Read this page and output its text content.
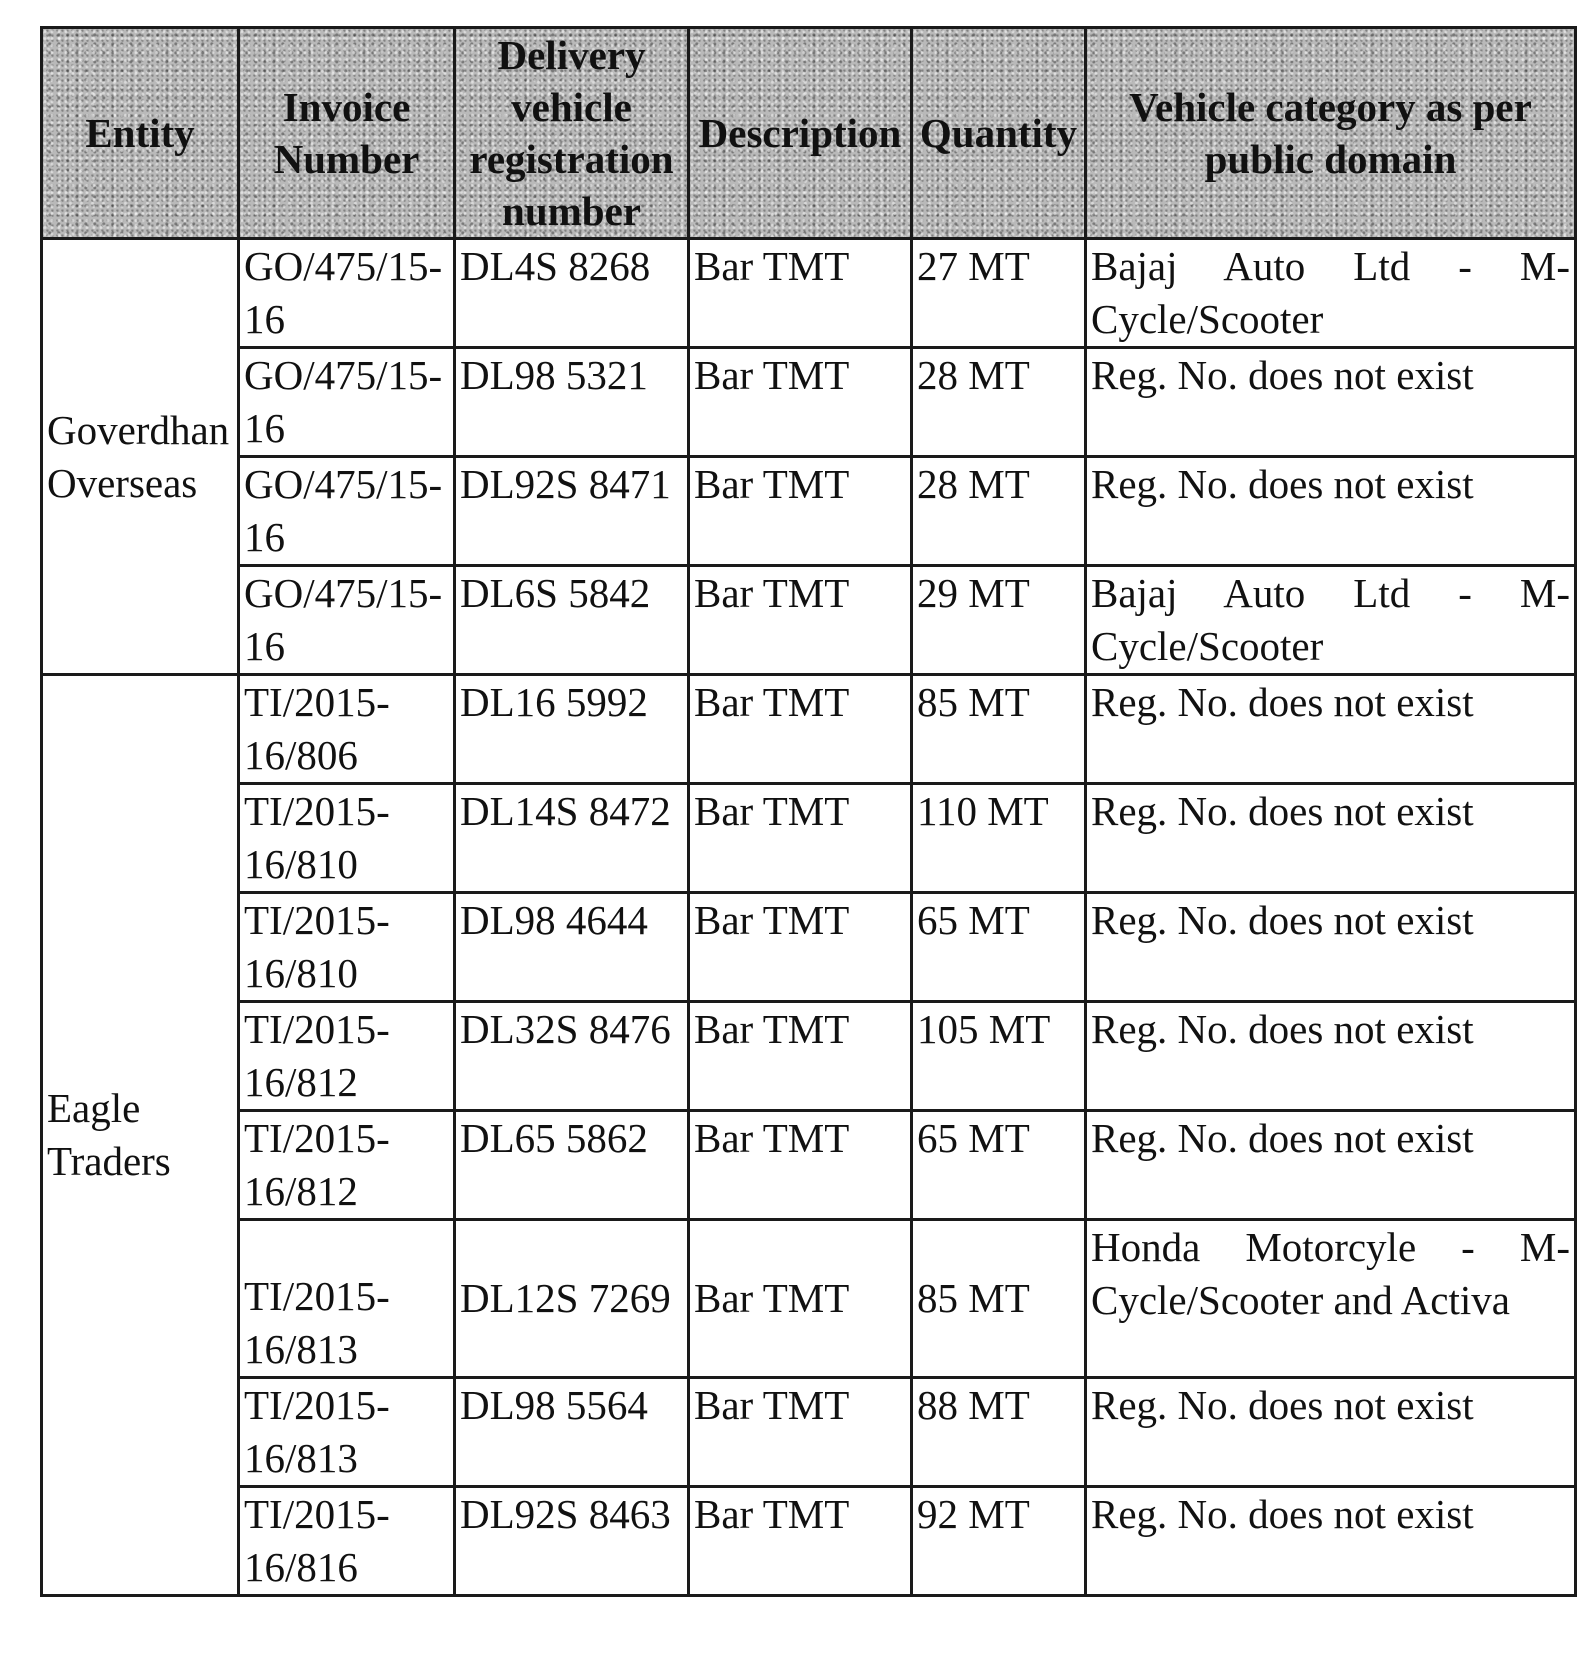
Entity	Invoice Number	Delivery vehicle registration number	Description	Quantity	Vehicle category as per public domain
Goverdhan Overseas	GO/475/15-16	DL4S 8268	Bar TMT	27 MT	Bajaj Auto Ltd - M-Cycle/Scooter
	GO/475/15-16	DL98 5321	Bar TMT	28 MT	Reg. No. does not exist
	GO/475/15-16	DL92S 8471	Bar TMT	28 MT	Reg. No. does not exist
	GO/475/15-16	DL6S 5842	Bar TMT	29 MT	Bajaj Auto Ltd - M-Cycle/Scooter
Eagle Traders	TI/2015-16/806	DL16 5992	Bar TMT	85 MT	Reg. No. does not exist
	TI/2015-16/810	DL14S 8472	Bar TMT	110 MT	Reg. No. does not exist
	TI/2015-16/810	DL98 4644	Bar TMT	65 MT	Reg. No. does not exist
	TI/2015-16/812	DL32S 8476	Bar TMT	105 MT	Reg. No. does not exist
	TI/2015-16/812	DL65 5862	Bar TMT	65 MT	Reg. No. does not exist
	TI/2015-16/813	DL12S 7269	Bar TMT	85 MT	Honda Motorcyle - M-Cycle/Scooter and Activa
	TI/2015-16/813	DL98 5564	Bar TMT	88 MT	Reg. No. does not exist
	TI/2015-16/816	DL92S 8463	Bar TMT	92 MT	Reg. No. does not exist
